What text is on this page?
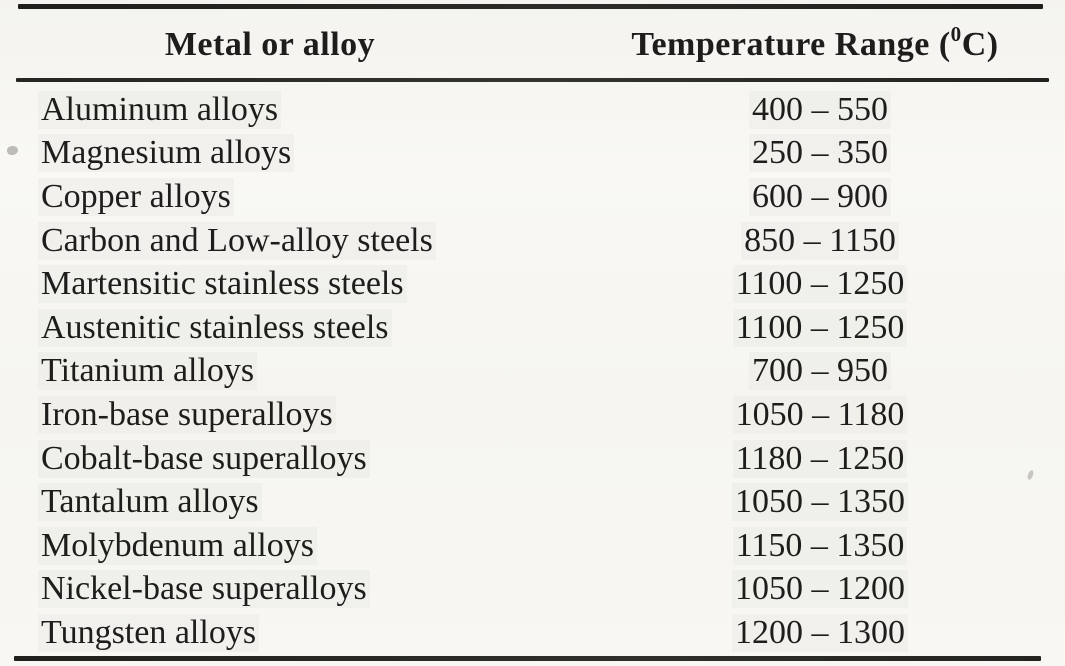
Metal or alloy	Temperature Range ($^0$C)
Aluminum alloys	400 – 550
Magnesium alloys	250 – 350
Copper alloys	600 – 900
Carbon and Low-alloy steels	850 – 1150
Martensitic stainless steels	1100 – 1250
Austenitic stainless steels	1100 – 1250
Titanium alloys	700 – 950
Iron-base superalloys	1050 – 1180
Cobalt-base superalloys	1180 – 1250
Tantalum alloys	1050 – 1350
Molybdenum alloys	1150 – 1350
Nickel-base superalloys	1050 – 1200
Tungsten alloys	1200 – 1300
